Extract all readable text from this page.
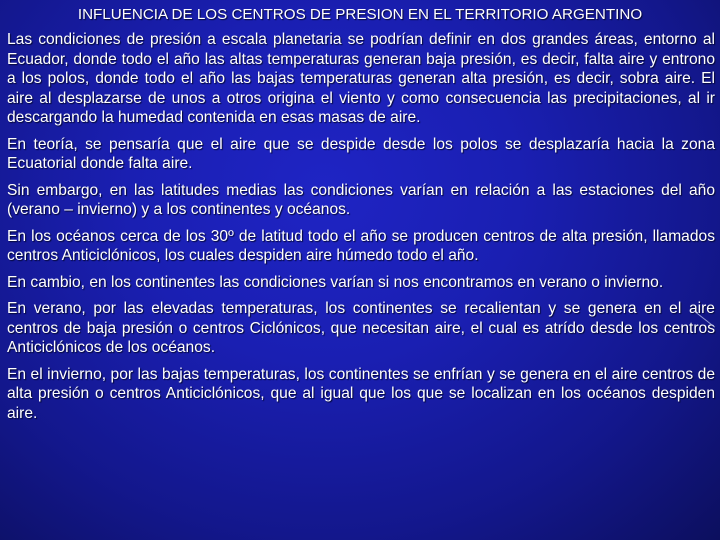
INFLUENCIA DE LOS CENTROS DE PRESION EN EL TERRITORIO ARGENTINO

Las condiciones de presión a escala planetaria se podrían definir en dos grandes áreas, entorno al Ecuador, donde todo el año las altas temperaturas generan baja presión, es decir, falta aire y entrono a los polos, donde todo el año las bajas temperaturas generan alta presión, es decir, sobra aire. El aire al desplazarse de unos a otros origina el viento y como consecuencia las precipitaciones, al ir descargando la humedad contenida en esas masas de aire.

En teoría, se pensaría que el aire que se despide desde los polos se desplazaría hacia la zona Ecuatorial donde falta aire.

Sin embargo, en las latitudes medias las condiciones varían en relación a las estaciones del año (verano – invierno) y a los continentes y océanos.

En los océanos cerca de los 30º de latitud todo el año se producen centros de alta presión, llamados centros Anticiclónicos, los cuales despiden aire húmedo todo el año.

En cambio, en los continentes las condiciones varían si nos encontramos en verano o invierno.

En verano, por las elevadas temperaturas, los continentes se recalientan y se genera en el aire centros de baja presión o centros Ciclónicos, que necesitan aire, el cual es atrído desde los centros Anticiclónicos de los océanos.

En el invierno, por las bajas temperaturas, los continentes se enfrían y se genera en el aire centros de alta presión o centros Anticiclónicos, que al igual que los que se localizan en los océanos despiden aire.
